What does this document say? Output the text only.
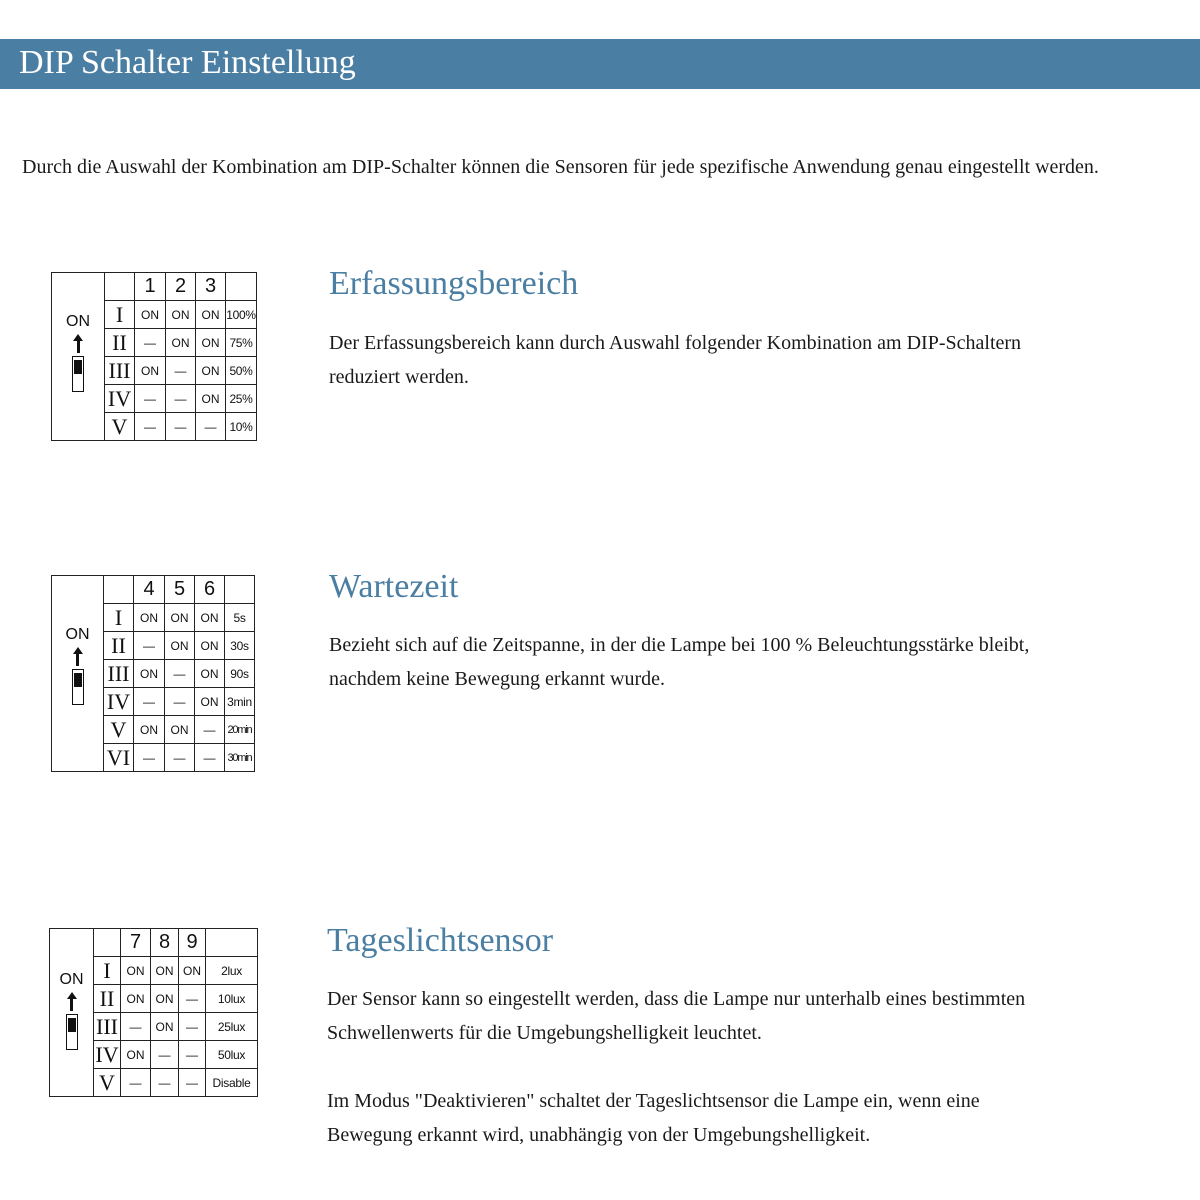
DIP Schalter Einstellung

Durch die Auswahl der Kombination am DIP-Schalter können die Sensoren für jede spezifische Anwendung genau eingestellt werden.

ON		1	2	3	
	I	ON	ON	ON	100%
	II	—	ON	ON	75%
	III	ON	—	ON	50%
	IV	—	—	ON	25%
	V	—	—	—	10%
Erfassungsbereich

Der Erfassungsbereich kann durch Auswahl folgender Kombination am DIP-Schaltern reduziert werden.

ON		4	5	6	
	I	ON	ON	ON	5s
	II	—	ON	ON	30s
	III	ON	—	ON	90s
	IV	—	—	ON	3min
	V	ON	ON	—	20min
	VI	—	—	—	30min
Wartezeit

Bezieht sich auf die Zeitspanne, in der die Lampe bei 100 % Beleuchtungsstärke bleibt, nachdem keine Bewegung erkannt wurde.

ON		7	8	9	
	I	ON	ON	ON	2lux
	II	ON	ON	—	10lux
	III	—	ON	—	25lux
	IV	ON	—	—	50lux
	V	—	—	—	Disable
Tageslichtsensor

Der Sensor kann so eingestellt werden, dass die Lampe nur unterhalb eines bestimmten Schwellenwerts für die Umgebungshelligkeit leuchtet.

Im Modus "Deaktivieren" schaltet der Tageslichtsensor die Lampe ein, wenn eine Bewegung erkannt wird, unabhängig von der Umgebungshelligkeit.
